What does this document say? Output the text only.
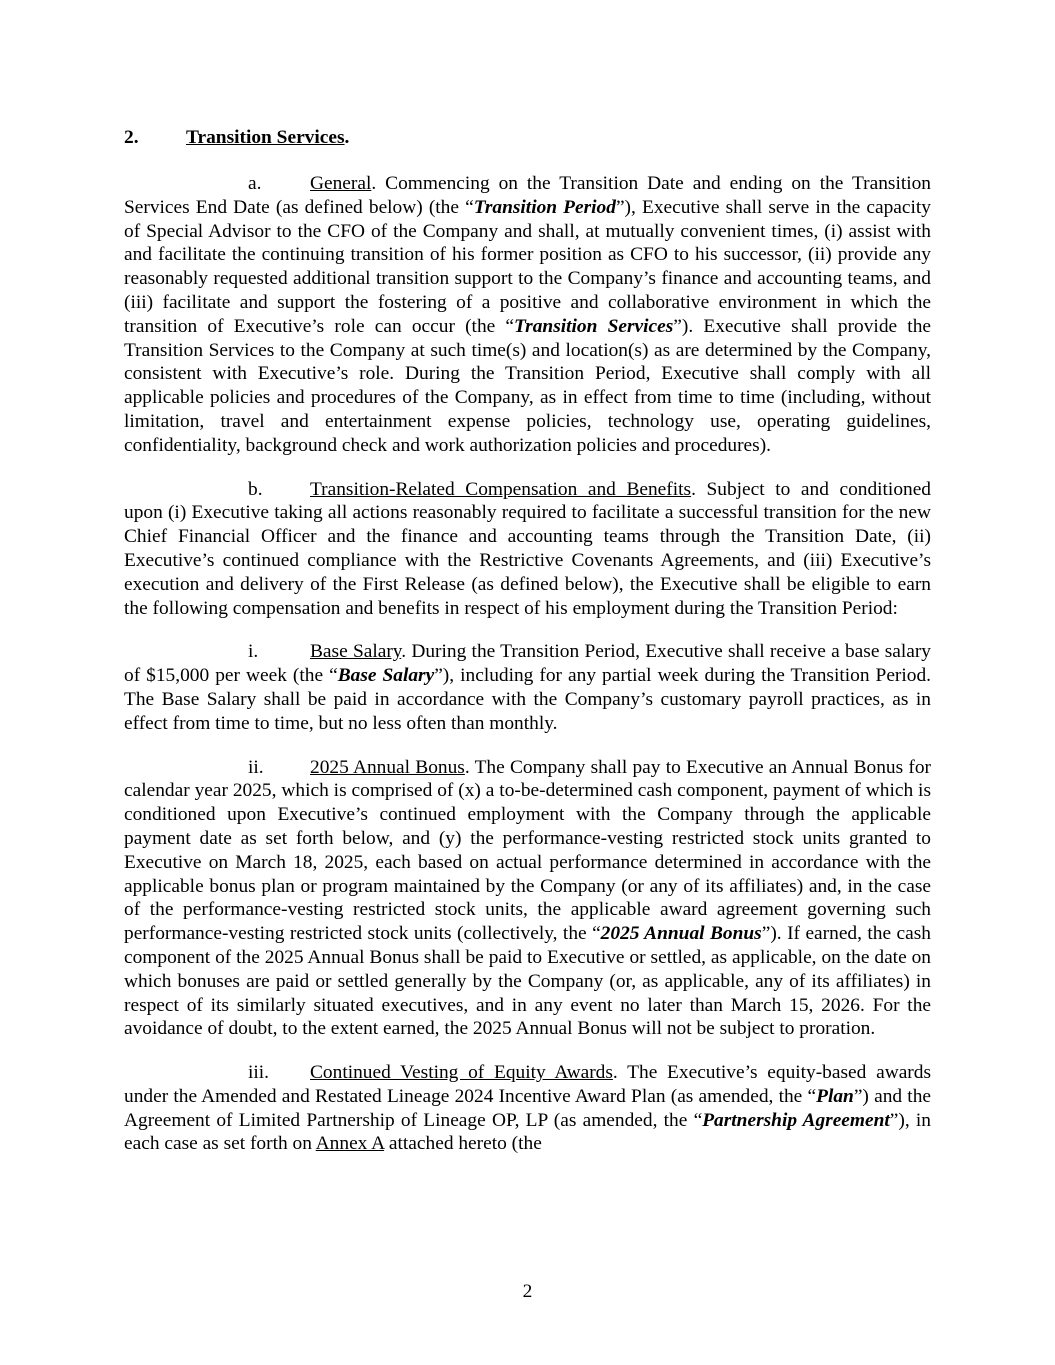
2. Transition Services.

a.	General. Commencing on the Transition Date and ending on the Transition Services End Date (as defined below) (the “Transition Period”), Executive shall serve in the capacity of Special Advisor to the CFO of the Company and shall, at mutually convenient times, (i) assist with and facilitate the continuing transition of his former position as CFO to his successor, (ii) provide any reasonably requested additional transition support to the Company’s finance and accounting teams, and (iii) facilitate and support the fostering of a positive and collaborative environment in which the transition of Executive’s role can occur (the “Transition Services”). Executive shall provide the Transition Services to the Company at such time(s) and location(s) as are determined by the Company, consistent with Executive’s role. During the Transition Period, Executive shall comply with all applicable policies and procedures of the Company, as in effect from time to time (including, without limitation, travel and entertainment expense policies, technology use, operating guidelines, confidentiality, background check and work authorization policies and procedures).

b. Transition-Related Compensation and Benefits. Subject to and conditioned upon (i) Executive taking all actions reasonably required to facilitate a successful transition for the new Chief Financial Officer and the finance and accounting teams through the Transition Date, (ii) Executive’s continued compliance with the Restrictive Covenants Agreements, and (iii) Executive’s execution and delivery of the First Release (as defined below), the Executive shall be eligible to earn the following compensation and benefits in respect of his employment during the Transition Period:

i.	Base Salary. During the Transition Period, Executive shall receive a base salary of $15,000 per week (the “Base Salary”), including for any partial week during the Transition Period. The Base Salary shall be paid in accordance with the Company’s customary payroll practices, as in effect from time to time, but no less often than monthly.

ii. 2025 Annual Bonus. The Company shall pay to Executive an Annual Bonus for calendar year 2025, which is comprised of (x) a to-be-determined cash component, payment of which is conditioned upon Executive’s continued employment with the Company through the applicable payment date as set forth below, and (y) the performance-vesting restricted stock units granted to Executive on March 18, 2025, each based on actual performance determined in accordance with the applicable bonus plan or program maintained by the Company (or any of its affiliates) and, in the case of the performance-vesting restricted stock units, the applicable award agreement governing such performance-vesting restricted stock units (collectively, the “2025 Annual Bonus”). If earned, the cash component of the 2025 Annual Bonus shall be paid to Executive or settled, as applicable, on the date on which bonuses are paid or settled generally by the Company (or, as applicable, any of its affiliates) in respect of its similarly situated executives, and in any event no later than March 15, 2026. For the avoidance of doubt, to the extent earned, the 2025 Annual Bonus will not be subject to proration.

iii. Continued Vesting of Equity Awards. The Executive’s equity-based awards under the Amended and Restated Lineage 2024 Incentive Award Plan (as amended, the “Plan”) and the Agreement of Limited Partnership of Lineage OP, LP (as amended, the “Partnership Agreement”), in each case as set forth on Annex A attached hereto (the

2
